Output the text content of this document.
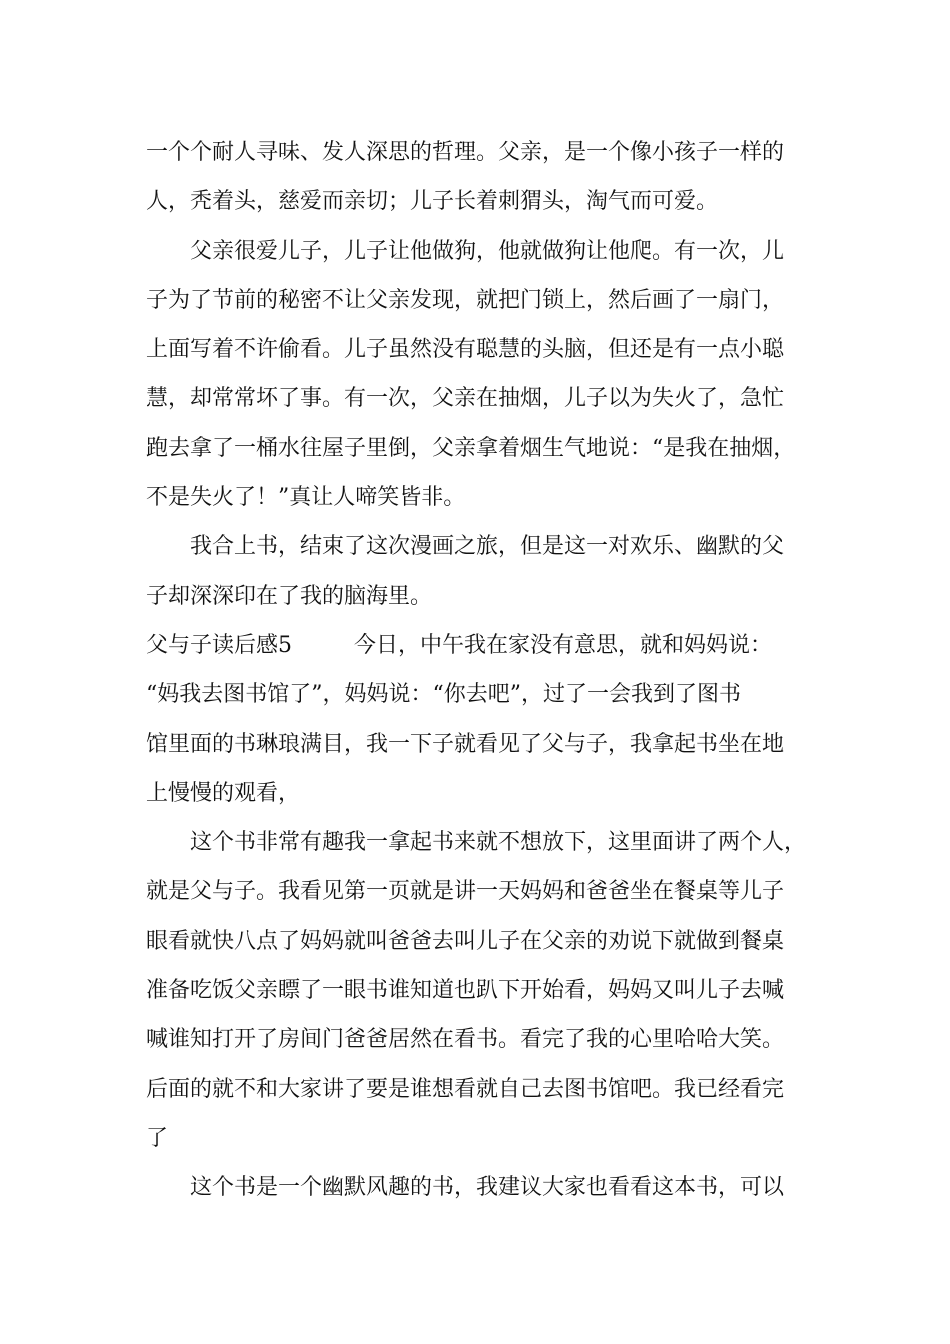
一个个耐人寻味、发人深思的哲理。父亲，是一个像小孩子一样的
人，秃着头，慈爱而亲切；儿子长着刺猬头，淘气而可爱。
父亲很爱儿子，儿子让他做狗，他就做狗让他爬。有一次，儿
子为了节前的秘密不让父亲发现，就把门锁上，然后画了一扇门，
上面写着不许偷看。儿子虽然没有聪慧的头脑，但还是有一点小聪
慧，却常常坏了事。有一次，父亲在抽烟，儿子以为失火了，急忙
跑去拿了一桶水往屋子里倒，父亲拿着烟生气地说：“是我在抽烟，
不是失火了！”真让人啼笑皆非。
我合上书，结束了这次漫画之旅，但是这一对欢乐、幽默的父
子却深深印在了我的脑海里。
父与子读后感5	今日，中午我在家没有意思，就和妈妈说：
“妈我去图书馆了”，妈妈说：“你去吧”，过了一会我到了图书
馆里面的书琳琅满目，我一下子就看见了父与子，我拿起书坐在地
上慢慢的观看，
这个书非常有趣我一拿起书来就不想放下，这里面讲了两个人，
就是父与子。我看见第一页就是讲一天妈妈和爸爸坐在餐桌等儿子
眼看就快八点了妈妈就叫爸爸去叫儿子在父亲的劝说下就做到餐桌
准备吃饭父亲瞟了一眼书谁知道也趴下开始看，妈妈又叫儿子去喊
喊谁知打开了房间门爸爸居然在看书。看完了我的心里哈哈大笑。
后面的就不和大家讲了要是谁想看就自己去图书馆吧。我已经看完
了
这个书是一个幽默风趣的书，我建议大家也看看这本书，可以
